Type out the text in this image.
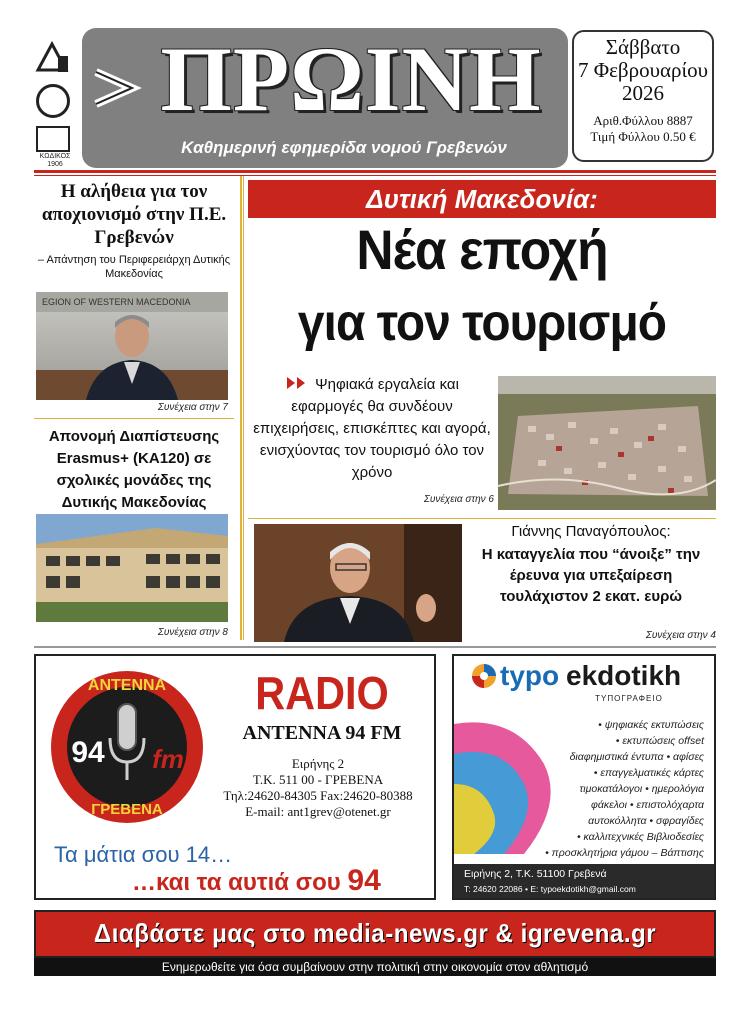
ΚΩΔΙΚΟΣ
1906
ΠΡΩΙΝΗ
Καθημερινή εφημερίδα νομού Γρεβενών
Σάββατο
7 Φεβρουαρίου
2026
Αριθ.Φύλλου 8887
Τιμή Φύλλου 0.50 €
Η αλήθεια για τον αποχιονισμό στην Π.Ε. Γρεβενών
– Απάντηση του Περιφερειάρχη Δυτικής Μακεδονίας
EGION OF WESTERN MACEDONIA
Συνέχεια στην 7
Απονομή Διαπίστευσης Erasmus+ (ΚΑ120) σε σχολικές μονάδες της Δυτικής Μακεδονίας
Συνέχεια στην 8
Δυτική Μακεδονία:
Νέα εποχή
για τον τουρισμό
Ψηφιακά εργαλεία και εφαρμογές θα συνδέουν επιχειρήσεις, επισκέπτες και αγορά, ενισχύοντας τον τουρισμό όλο τον χρόνο
Συνέχεια στην 6
Γιάννης Παναγόπουλος:
Η καταγγελία που “άνοιξε” την έρευνα για υπεξαίρεση τουλάχιστον 2 εκατ. ευρώ
Συνέχεια στην 4
ΑΝΤΕΝΝΑ
94 fm
ΓΡΕΒΕΝΑ
RADIO
ANTENNA 94 FM
Ειρήνης 2
Τ.Κ. 511 00 - ΓΡΕΒΕΝΑ
Τηλ:24620-84305 Fax:24620-80388
E-mail: ant1grev@otenet.gr
Τα μάτια σου 14…
…και τα αυτιά σου 94
typo ekdotikh
ΤΥΠΟΓΡΑΦΕΙΟ
• ψηφιακές εκτυπώσεις
• εκτυπώσεις offset
διαφημιστικά έντυπα • αφίσες
• επαγγελματικές κάρτες
τιμοκατάλογοι • ημερολόγια
φάκελοι • επιστολόχαρτα
αυτοκόλλητα • σφραγίδες
• καλλιτεχνικές Βιβλιοδεσίες
• προσκλητήρια γάμου – Βάπτισης
Ειρήνης 2, Τ.Κ. 51100 Γρεβενά
Τ: 24620 22086 • Ε: typoekdotikh@gmail.com
Διαβάστε μας στο media-news.gr & igrevena.gr
Ενημερωθείτε για όσα συμβαίνουν στην πολιτική στην οικονομία στον αθλητισμό
